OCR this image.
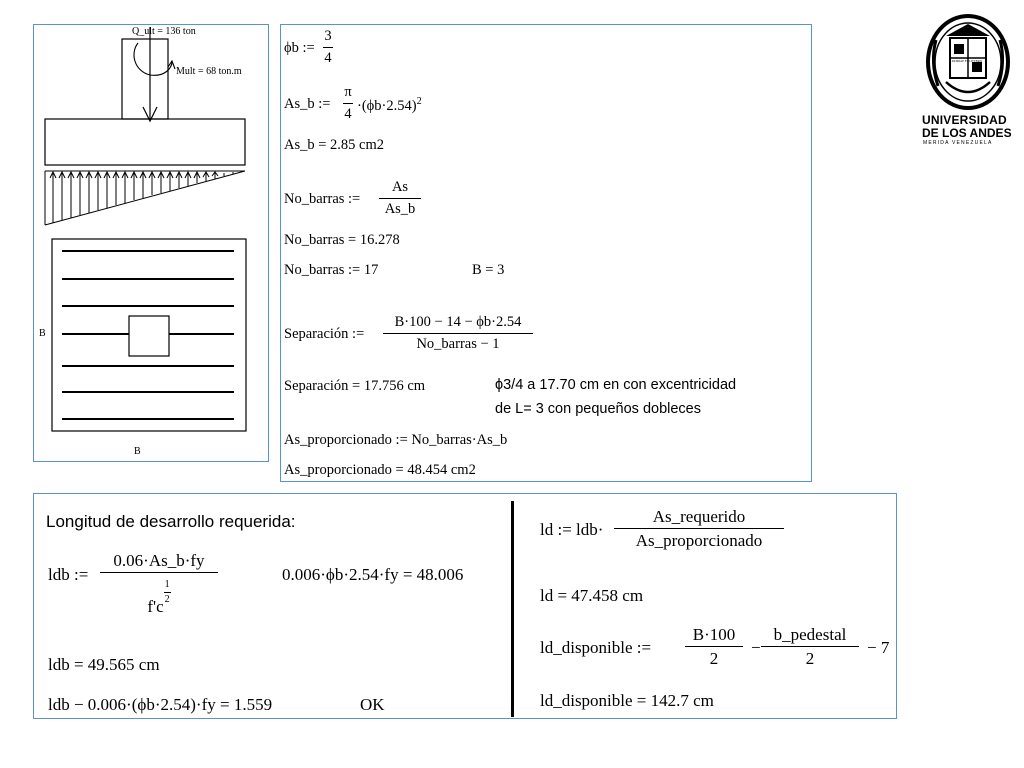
Q_ult = 136 ton
Mult = 68 ton.m
B
B
ϕb :=
3
4
As_b :=
π
$4 \cdot(\phi b\cdot 2.54)^2$
As_b = 2.85 cm2
No_barras :=
As
As_b
No_barras = 16.278
No_barras := 17	B = 3
Separación :=
B·100 − 14 − ϕb·2.54
No_barras − 1
Separación = 17.756 cm	ϕ3/4 a 17.70 cm en con excentricidad
de L= 3 con pequeños dobleces
As_proporcionado := No_barras·As_b
As_proporcionado = 48.454 cm2
Longitud de desarrollo requerida:
ldb :=
0.06·As_b·fy
f'c
1
2
0.006·ϕb·2.54·fy = 48.006
ldb = 49.565 cm
ldb − 0.006·(ϕb·2.54)·fy = 1.559	OK
ld := ldb·
As_requerido
As_proporcionado
ld = 47.458 cm
ld_disponible :=
B·100
2
−
b_pedestal
2
− 7
ld_disponible = 142.7 cm
PATRIAE ET LITTERIS
UNIVERSIDAD
DE LOS ANDES
MERIDA VENEZUELA
